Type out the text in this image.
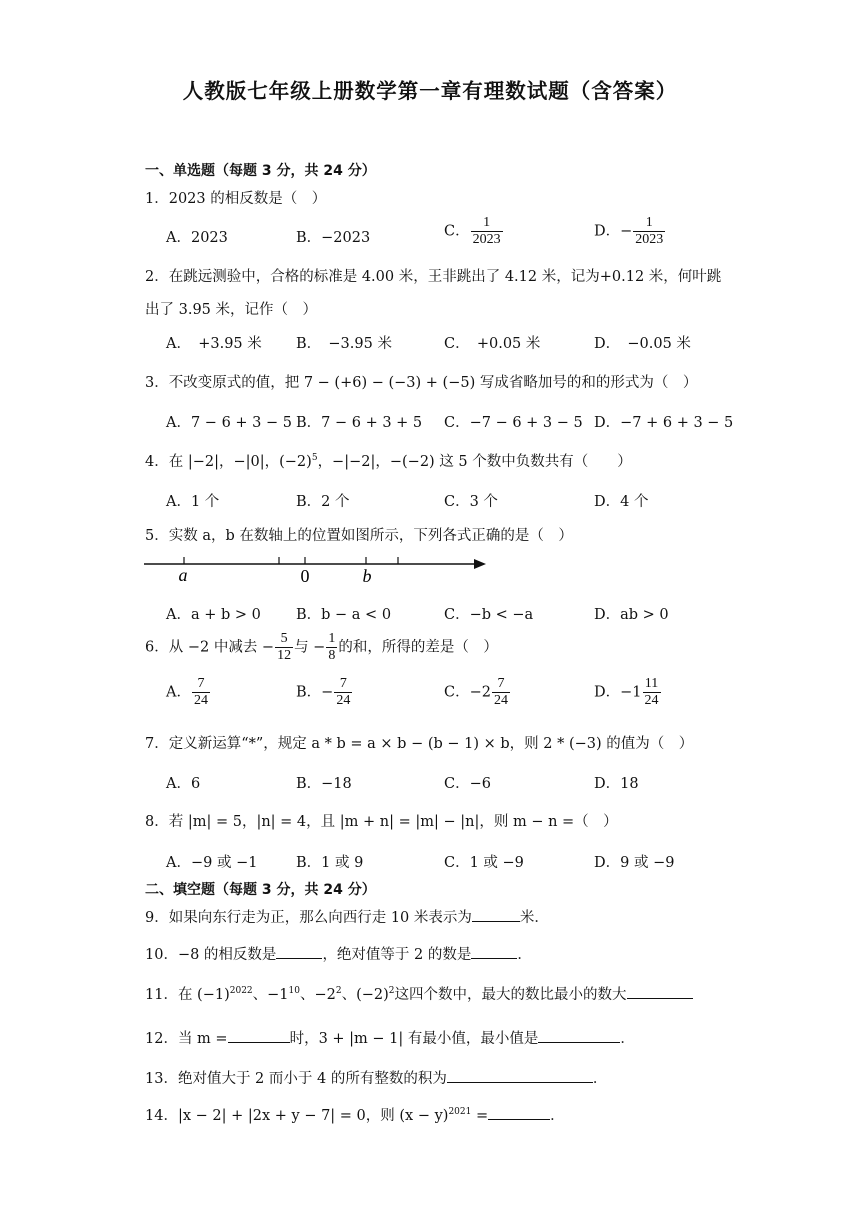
人教版七年级上册数学第一章有理数试题（含答案）
一、单选题（每题 3 分，共 24 分）
1．2023 的相反数是（　）
A．2023	B．−2023	C． $\frac{1}{2023}$	D．− $\frac{1}{2023}$
2．在跳远测验中，合格的标准是 4.00 米，王非跳出了 4.12 米，记为+0.12 米，何叶跳
出了 3.95 米，记作（　）
A．　+3.95 米 B．　−3.95 米	C．　+0.05 米	D．　−0.05 米
3．不改变原式的值，把 7 − (+6) − (−3) + (−5) 写成省略加号的和的形式为（　）
A．7 − 6 + 3 − 5 B．7 − 6 + 3 + 5 C．−7 − 6 + 3 − 5 D．−7 + 6 + 3 − 5
4．在 |−2|，−|0|，$(-2)^5$，−|−2|，−(−2) 这 5 个数中负数共有（　　）
A．1 个	B．2 个	C．3 个	D．4 个
5．实数 a，b 在数轴上的位置如图所示，下列各式正确的是（　）
a	0	b
A．a + b > 0 B．b − a < 0	C．−b < −a	D．ab > 0
6．从 −2 中减去 − $\frac{5}{12}$ 与 − $\frac{1}{8}$ 的和，所得的差是（　）
A． $\frac{7}{24}$	B．− $\frac{7}{24}$	C．$-2 \frac{7}{24}$	D．$-1 \frac{11}{24}$
7．定义新运算“*”，规定 a * b = a × b − (b − 1) × b，则 2 * (−3) 的值为（　）
A．6	B．−18	C．−6	D．18
8．若 |m| = 5，|n| = 4，且 |m + n| = |m| − |n|，则 m − n =（　）
A．−9 或 −1	B．1 或 9	C．1 或 −9	D．9 或 −9
二、填空题（每题 3 分，共 24 分）
9．如果向东行走为正，那么向西行走 10 米表示为	米．
10．−8 的相反数是	，绝对值等于 2 的数是	．
11．在 $(-1)^{2022}$、$-1^{10}$、$-2^2$、$(-2)^2$这四个数中，最大的数比最小的数大
12．当 m =	时，3 + |m − 1| 有最小值，最小值是	．
13．绝对值大于 2 而小于 4 的所有整数的积为	．
14．|x − 2| + |2x + y − 7| = 0，则 $(x - y)^{2021}$ =	．
